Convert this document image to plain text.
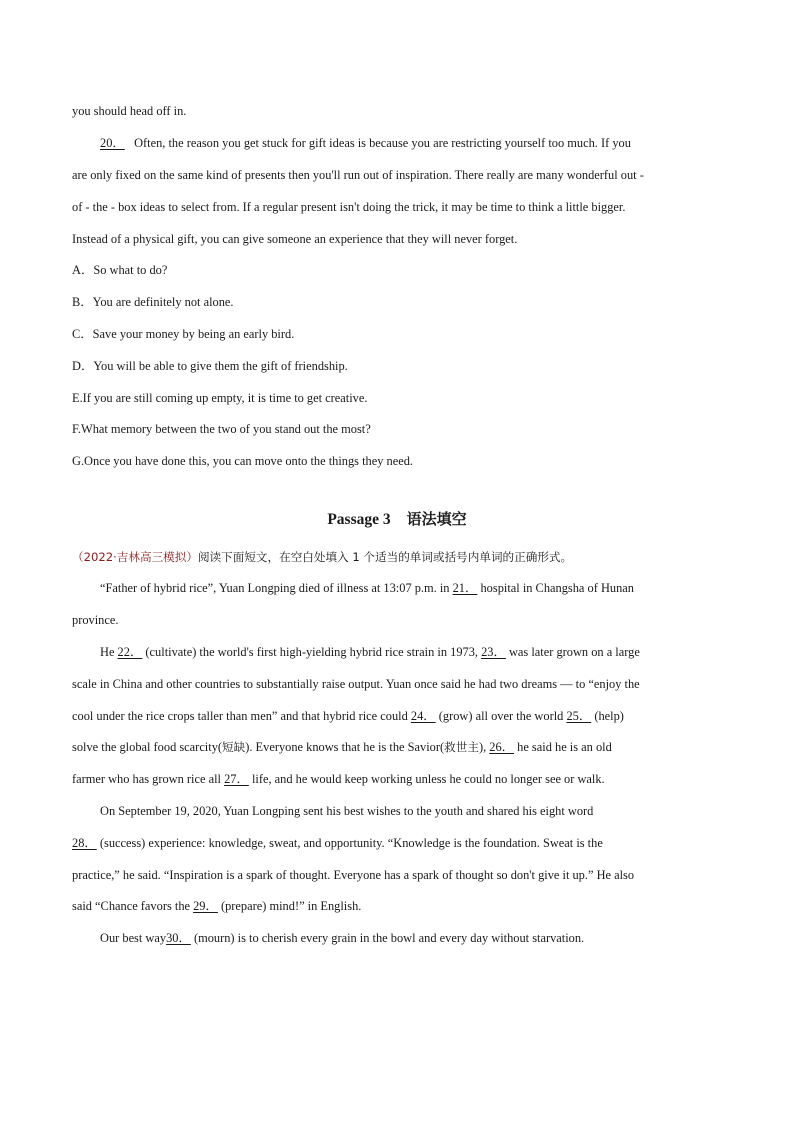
you should head off in.
20． Often, the reason you get stuck for gift ideas is because you are restricting yourself too much. If you
are only fixed on the same kind of presents then you'll run out of inspiration. There really are many wonderful out -
of - the - box ideas to select from. If a regular present isn't doing the trick, it may be time to think a little bigger.
Instead of a physical gift, you can give someone an experience that they will never forget.
A．So what to do?
B．You are definitely not alone.
C．Save your money by being an early bird.
D．You will be able to give them the gift of friendship.
E.If you are still coming up empty, it is time to get creative.
F.What memory between the two of you stand out the most?
G.Once you have done this, you can move onto the things they need.
Passage 3 语法填空
（2022·吉林高三模拟）阅读下面短文，在空白处填入 1 个适当的单词或括号内单词的正确形式。
“Father of hybrid rice”, Yuan Longping died of illness at 13:07 p.m. in 21． hospital in Changsha of Hunan
province.
He 22． (cultivate) the world's first high-yielding hybrid rice strain in 1973, 23． was later grown on a large
scale in China and other countries to substantially raise output. Yuan once said he had two dreams — to “enjoy the
cool under the rice crops taller than men” and that hybrid rice could 24． (grow) all over the world 25． (help)
solve the global food scarcity(短缺). Everyone knows that he is the Savior(救世主), 26． he said he is an old
farmer who has grown rice all 27． life, and he would keep working unless he could no longer see or walk.
On September 19, 2020, Yuan Longping sent his best wishes to the youth and shared his eight word
28． (success) experience: knowledge, sweat, and opportunity. “Knowledge is the foundation. Sweat is the
practice,” he said. “Inspiration is a spark of thought. Everyone has a spark of thought so don't give it up.” He also
said “Chance favors the 29． (prepare) mind!” in English.
Our best way30． (mourn) is to cherish every grain in the bowl and every day without starvation.
